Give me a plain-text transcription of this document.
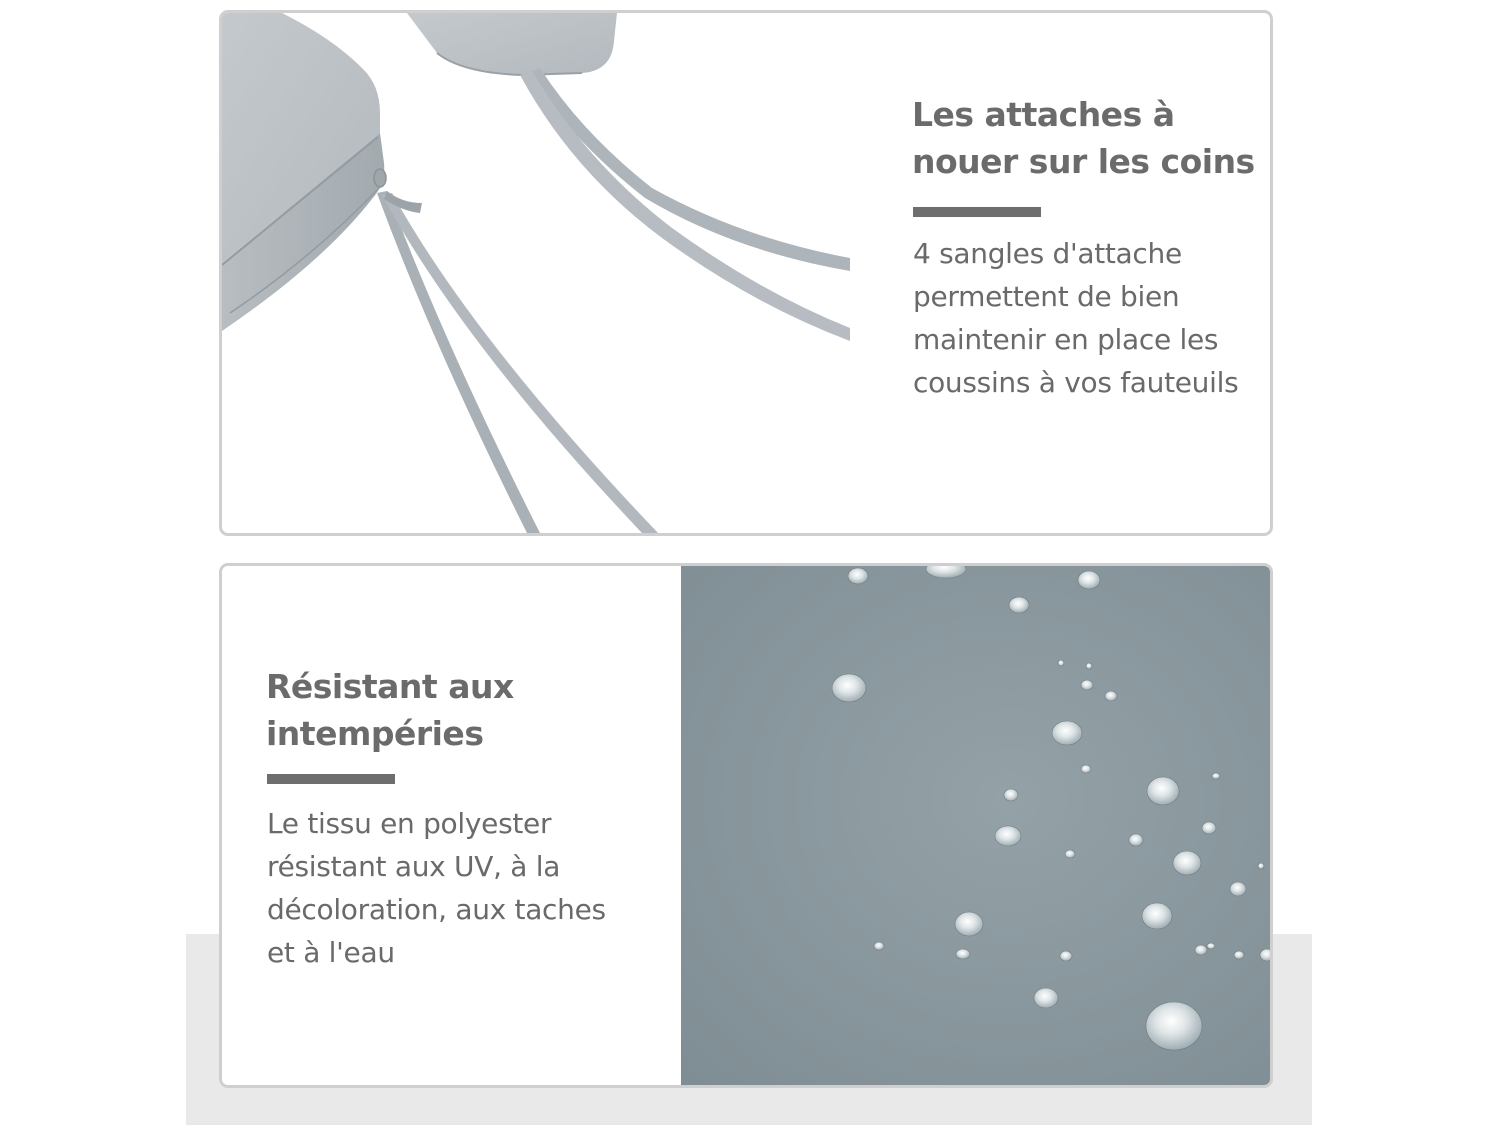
Les attaches à
nouer sur les coins

4 sangles d'attache
permettent de bien
maintenir en place les
coussins à vos fauteuils

Résistant aux
intempéries

Le tissu en polyester
résistant aux UV, à la
décoloration, aux taches
et à l'eau
